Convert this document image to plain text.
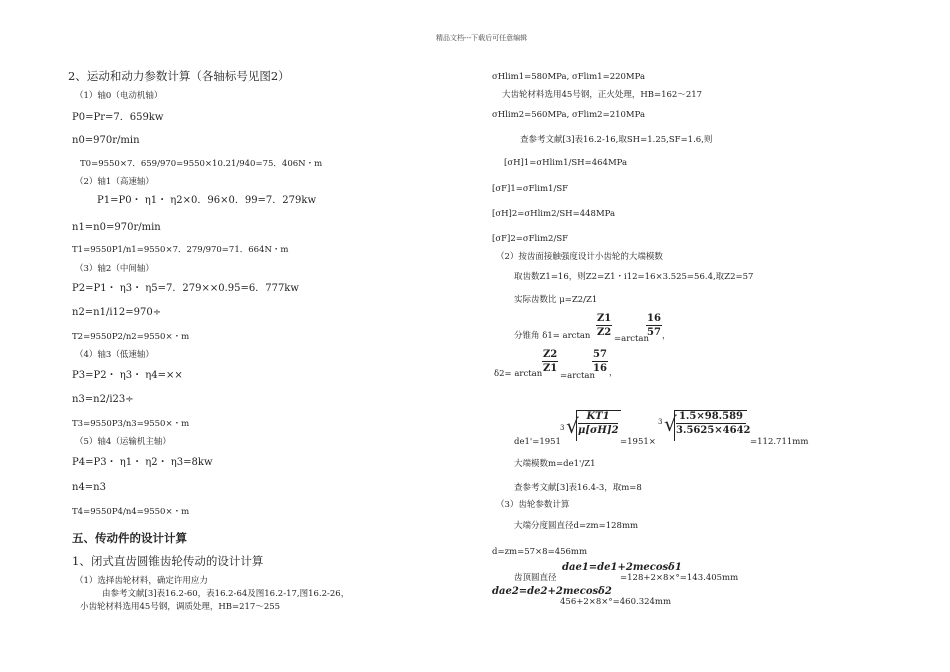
精品文档---下载后可任意编辑
2、运动和动力参数计算（各轴标号见图2）
（1）轴0（电动机轴）
P0=Pr=7．659kw
n0=970r/min
T0=9550×7．659/970=9550×10.21/940=75．406N・m
（2）轴1（高速轴）
P1=P0・ η1・ η2×0．96×0．99=7．279kw
n1=n0=970r/min
T1=9550P1/n1=9550×7．279/970=71．664N・m
（3）轴2（中间轴）
P2=P1・ η3・ η5=7．279××0.95=6．777kw
n2=n1/i12=970÷
T2=9550P2/n2=9550×・m
（4）轴3（低速轴）
P3=P2・ η3・ η4=××
n3=n2/i23÷
T3=9550P3/n3=9550×・m
（5）轴4（运输机主轴）
P4=P3・ η1・ η2・ η3=8kw
n4=n3
T4=9550P4/n4=9550×・m
五、传动件的设计计算
1、闭式直齿圆锥齿轮传动的设计计算
（1）选择齿轮材料，确定许用应力
由参考文献[3]表16.2-60，表16.2-64及图16.2-17,图16.2-26，
小齿轮材料选用45号钢，调质处理，HB=217～255
σHlim1=580MPa, σFlim1=220MPa
大齿轮材料选用45号钢，正火处理，HB=162～217
σHlim2=560MPa, σFlim2=210MPa
查参考文献[3]表16.2-16,取SH=1.25,SF=1.6,则
[σH]1=σHlim1/SH=464MPa
[σF]1=σFlim1/SF
[σH]2=σHlim2/SH=448MPa
[σF]2=σFlim2/SF
（2）按齿面接触强度设计小齿轮的大端模数
取齿数Z1=16，则Z2=Z1・i12=16×3.525=56.4,取Z2=57
实际齿数比 μ=Z2/Z1
分锥角 $\delta 1= \arctan \frac{Z1}{Z2}$
=arctan
$\frac{16}{57}$ ，
$\delta 2= \arctan \frac{Z2}{Z1}$
=arctan
$\frac{57}{16}$ ，
de1'=1951
3 √ $\frac{KT1}{\mu[\sigma H]2}$
=1951×
3 √ $\frac{1.5\times 98.589}{3.5625\times 4642}$
=112.711mm
大端模数m=de1'/Z1
查参考文献[3]表16.4-3，取m=8
（3）齿轮参数计算
大端分度圆直径d=zm=128mm
d=zm=57×8=456mm
齿顶圆直径
dae1=de1+2mecosδ1
=128+2×8×°=143.405mm
dae2=de2+2mecosδ2
456+2×8×°=460.324mm
